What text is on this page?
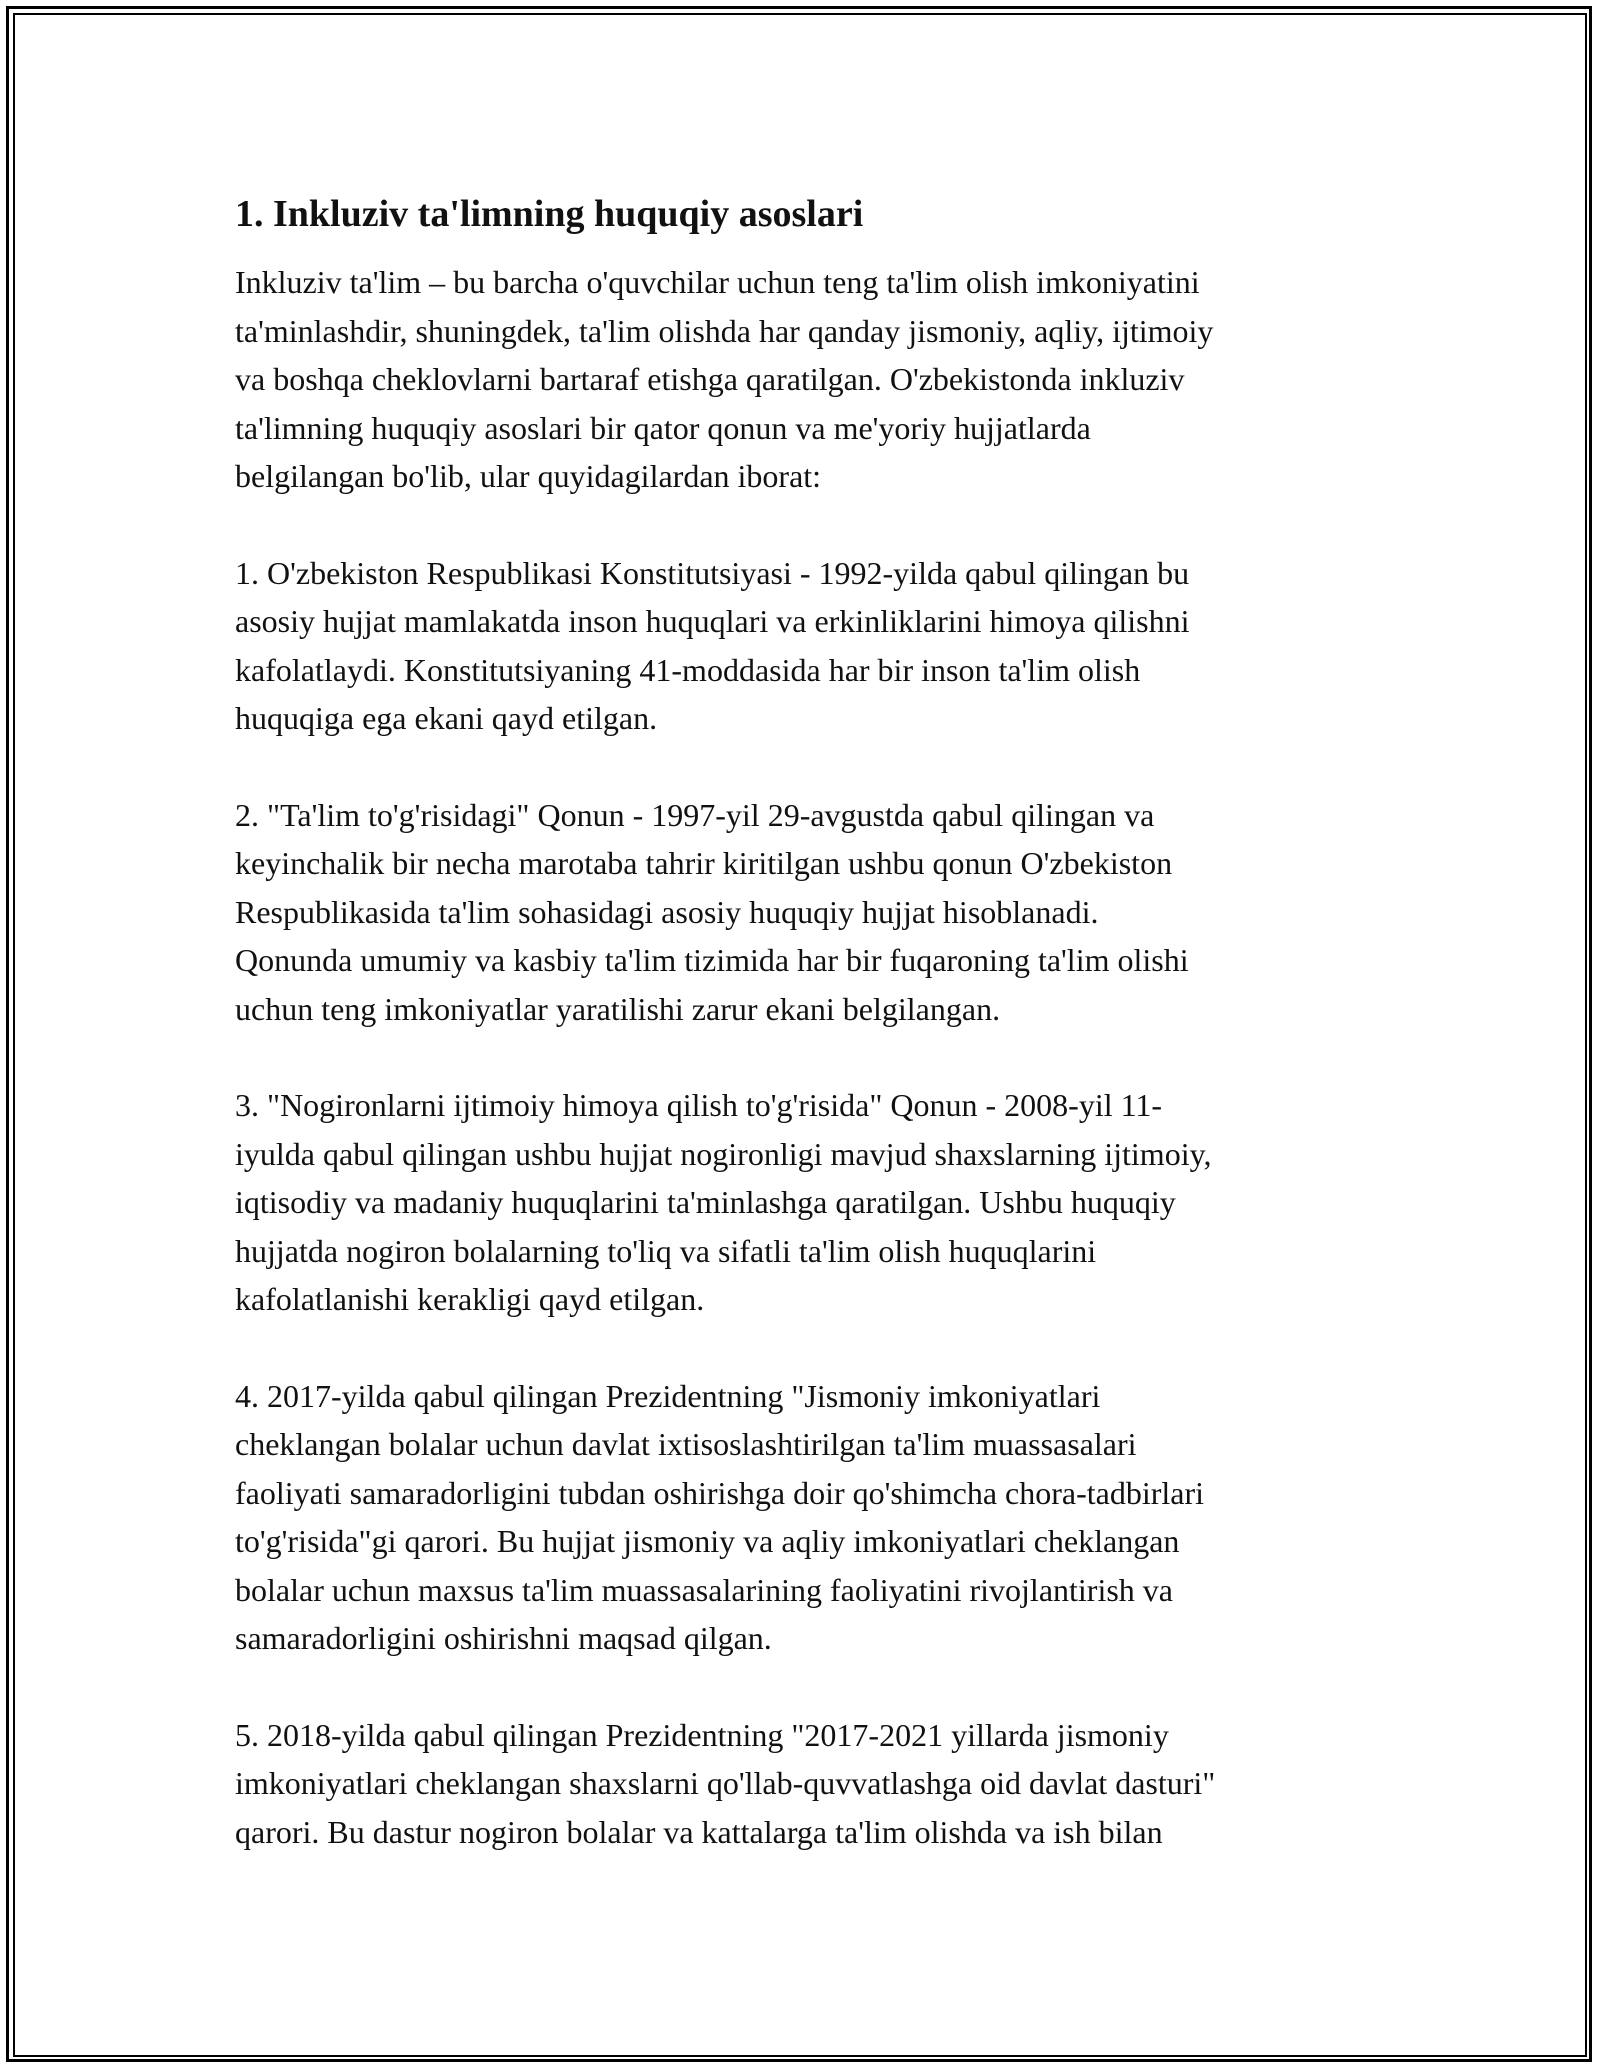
1. Inkluziv ta'limning huquqiy asoslari

Inkluziv ta'lim – bu barcha o'quvchilar uchun teng ta'lim olish imkoniyatini
ta'minlashdir, shuningdek, ta'lim olishda har qanday jismoniy, aqliy, ijtimoiy
va boshqa cheklovlarni bartaraf etishga qaratilgan. O'zbekistonda inkluziv
ta'limning huquqiy asoslari bir qator qonun va me'yoriy hujjatlarda
belgilangan bo'lib, ular quyidagilardan iborat:

1. O'zbekiston Respublikasi Konstitutsiyasi - 1992-yilda qabul qilingan bu
asosiy hujjat mamlakatda inson huquqlari va erkinliklarini himoya qilishni
kafolatlaydi. Konstitutsiyaning 41-moddasida har bir inson ta'lim olish
huquqiga ega ekani qayd etilgan.

2. "Ta'lim to'g'risidagi" Qonun - 1997-yil 29-avgustda qabul qilingan va
keyinchalik bir necha marotaba tahrir kiritilgan ushbu qonun O'zbekiston
Respublikasida ta'lim sohasidagi asosiy huquqiy hujjat hisoblanadi.
Qonunda umumiy va kasbiy ta'lim tizimida har bir fuqaroning ta'lim olishi
uchun teng imkoniyatlar yaratilishi zarur ekani belgilangan.

3. "Nogironlarni ijtimoiy himoya qilish to'g'risida" Qonun - 2008-yil 11-
iyulda qabul qilingan ushbu hujjat nogironligi mavjud shaxslarning ijtimoiy,
iqtisodiy va madaniy huquqlarini ta'minlashga qaratilgan. Ushbu huquqiy
hujjatda nogiron bolalarning to'liq va sifatli ta'lim olish huquqlarini
kafolatlanishi kerakligi qayd etilgan.

4. 2017-yilda qabul qilingan Prezidentning "Jismoniy imkoniyatlari
cheklangan bolalar uchun davlat ixtisoslashtirilgan ta'lim muassasalari
faoliyati samaradorligini tubdan oshirishga doir qo'shimcha chora-tadbirlari
to'g'risida"gi qarori. Bu hujjat jismoniy va aqliy imkoniyatlari cheklangan
bolalar uchun maxsus ta'lim muassasalarining faoliyatini rivojlantirish va
samaradorligini oshirishni maqsad qilgan.

5. 2018-yilda qabul qilingan Prezidentning "2017-2021 yillarda jismoniy
imkoniyatlari cheklangan shaxslarni qo'llab-quvvatlashga oid davlat dasturi"
qarori. Bu dastur nogiron bolalar va kattalarga ta'lim olishda va ish bilan
